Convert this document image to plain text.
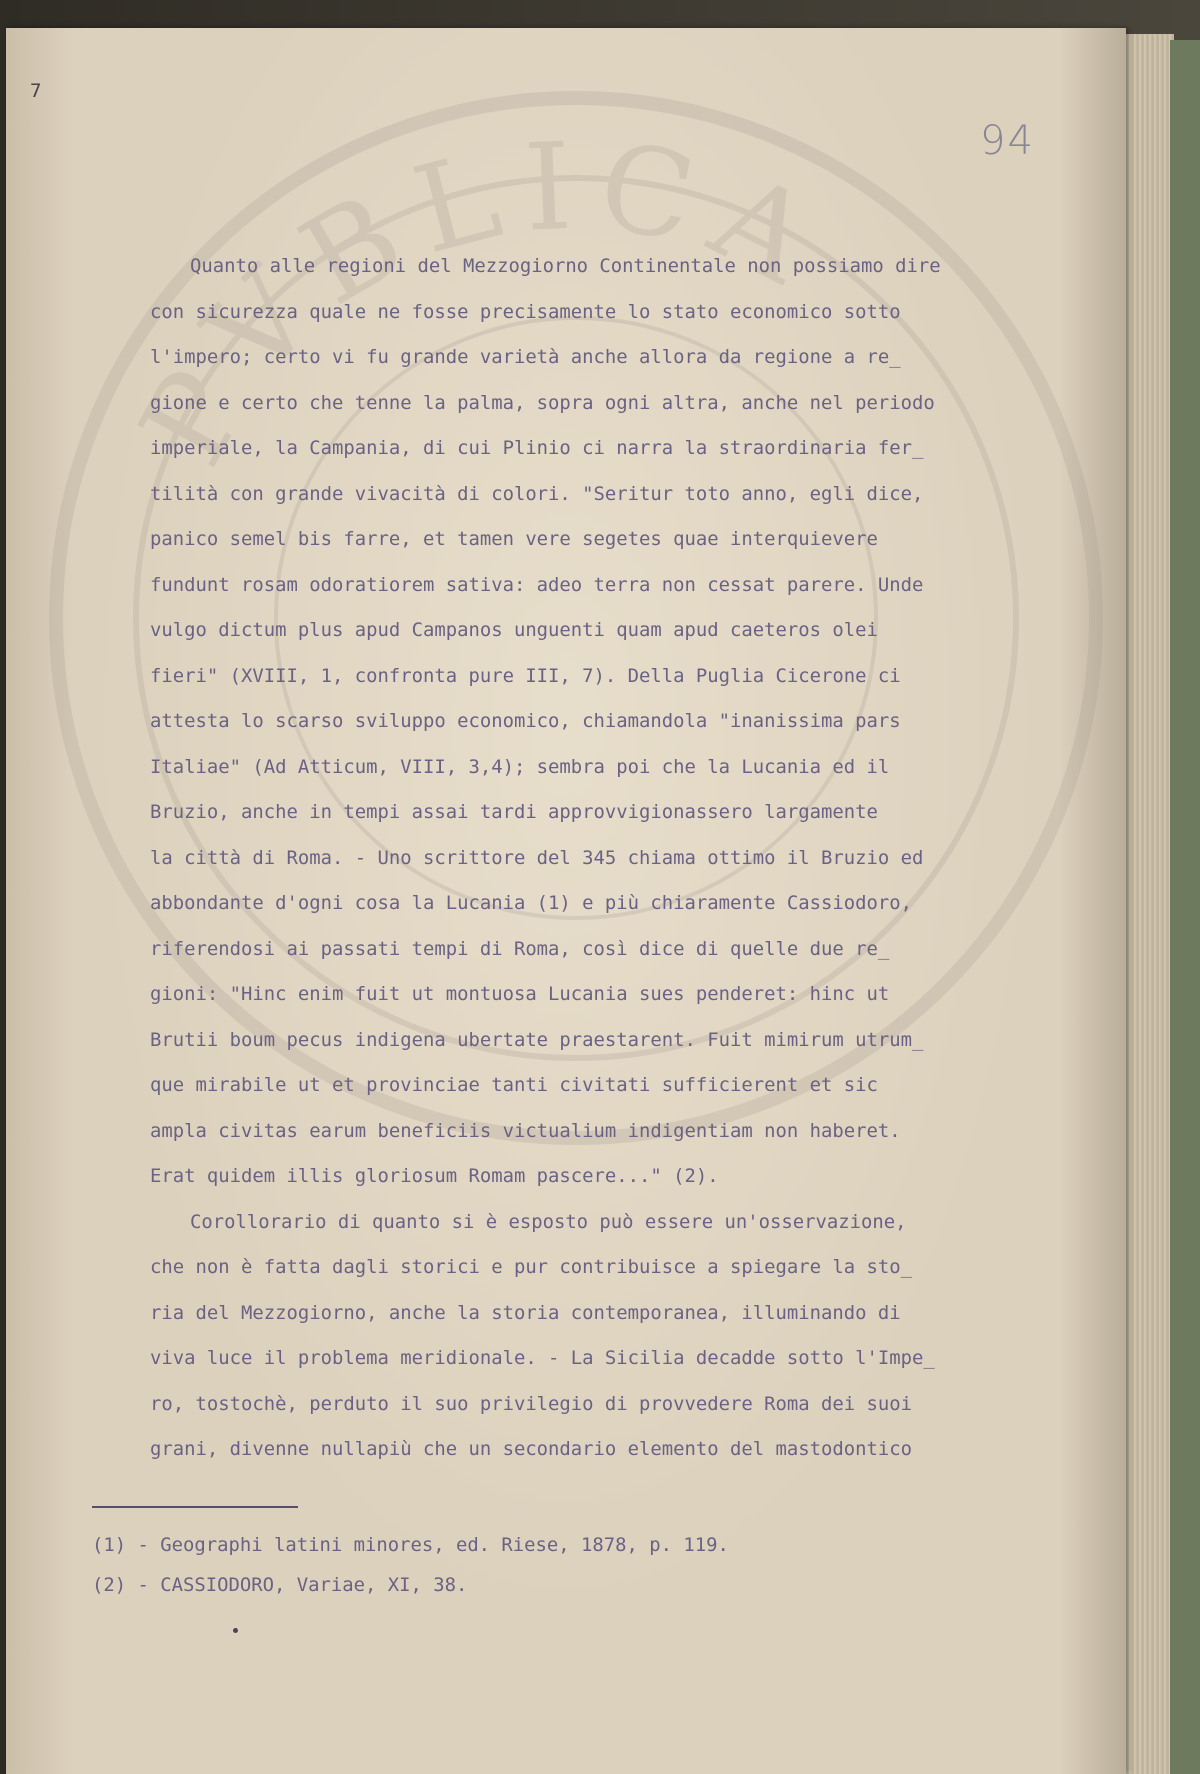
PVBLICA
7
94
Quanto alle regioni del Mezzogiorno Continentale non possiamo dire
con sicurezza quale ne fosse precisamente lo stato economico sotto
l'impero; certo vi fu grande varietà anche allora da regione a re_
gione e certo che tenne la palma, sopra ogni altra, anche nel periodo
imperiale, la Campania, di cui Plinio ci narra la straordinaria fer_
tilità con grande vivacità di colori. "Seritur toto anno, egli dice,
panico semel bis farre, et tamen vere segetes quae interquievere
fundunt rosam odoratiorem sativa: adeo terra non cessat parere. Unde
vulgo dictum plus apud Campanos unguenti quam apud caeteros olei
fieri" (XVIII, 1, confronta pure III, 7). Della Puglia Cicerone ci
attesta lo scarso sviluppo economico, chiamandola "inanissima pars
Italiae" (Ad Atticum, VIII, 3,4); sembra poi che la Lucania ed il
Bruzio, anche in tempi assai tardi approvvigionassero largamente
la città di Roma. - Uno scrittore del 345 chiama ottimo il Bruzio ed
abbondante d'ogni cosa la Lucania (1) e più chiaramente Cassiodoro,
riferendosi ai passati tempi di Roma, così dice di quelle due re_
gioni: "Hinc enim fuit ut montuosa Lucania sues penderet: hinc ut
Brutii boum pecus indigena ubertate praestarent. Fuit mimirum utrum_
que mirabile ut et provinciae tanti civitati sufficierent et sic
ampla civitas earum beneficiis victualium indigentiam non haberet.
Erat quidem illis gloriosum Romam pascere..." (2).
Corollorario di quanto si è esposto può essere un'osservazione,
che non è fatta dagli storici e pur contribuisce a spiegare la sto_
ria del Mezzogiorno, anche la storia contemporanea, illuminando di
viva luce il problema meridionale. - La Sicilia decadde sotto l'Impe_
ro, tostochè, perduto il suo privilegio di provvedere Roma dei suoi
grani, divenne nullapiù che un secondario elemento del mastodontico
(1) - Geographi latini minores, ed. Riese, 1878, p. 119.
(2) - CASSIODORO, Variae, XI, 38.
